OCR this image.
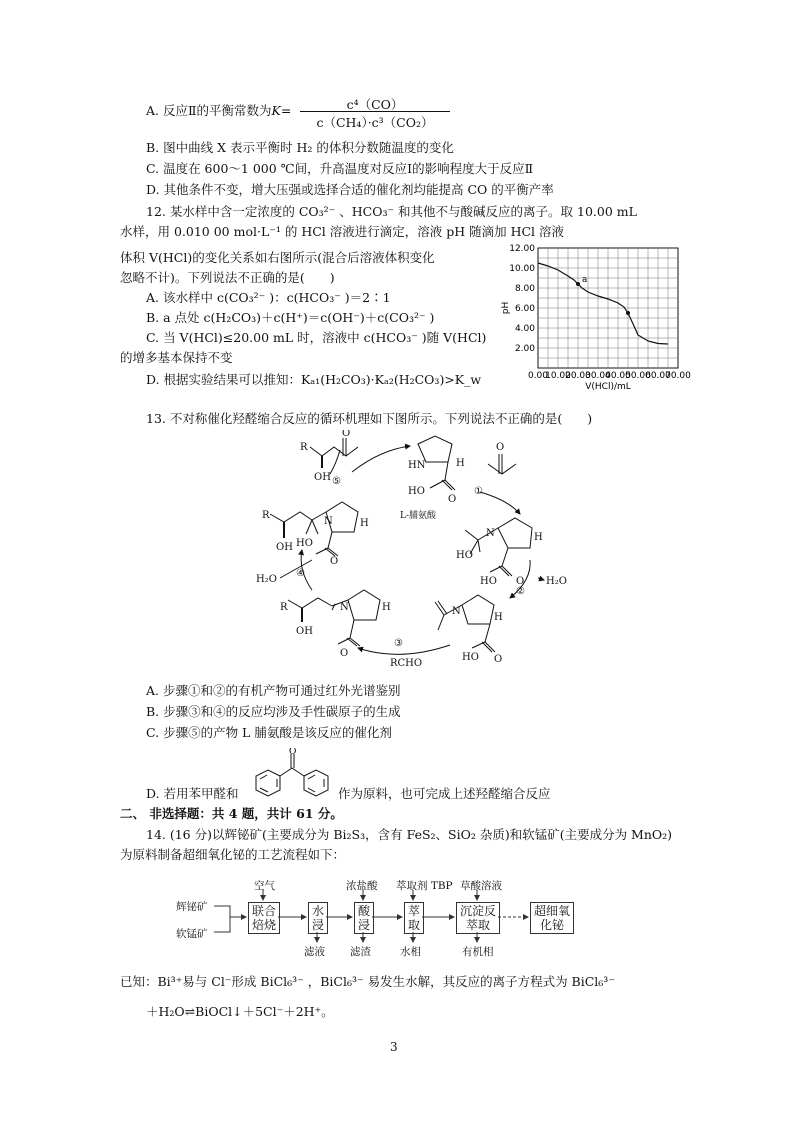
A. 反应Ⅱ的平衡常数为K=	c⁴（CO）
c（CH₄）·c³（CO₂）
B. 图中曲线 X 表示平衡时 H₂ 的体积分数随温度的变化
C. 温度在 600～1 000 ℃间，升高温度对反应Ⅰ的影响程度大于反应Ⅱ
D. 其他条件不变，增大压强或选择合适的催化剂均能提高 CO 的平衡产率
12. 某水样中含一定浓度的 CO₃²⁻ 、HCO₃⁻ 和其他不与酸碱反应的离子。取 10.00 mL
水样，用 0.010 00 mol·L⁻¹ 的 HCl 溶液进行滴定，溶液 pH 随滴加 HCl 溶液
体积 V(HCl)的变化关系如右图所示(混合后溶液体积变化
忽略不计)。下列说法不正确的是(　　)
A. 该水样中 c(CO₃²⁻ )：c(HCO₃⁻ )＝2∶1
B. a 点处 c(H₂CO₃)＋c(H⁺)＝c(OH⁻)＋c(CO₃²⁻ )
C. 当 V(HCl)≤20.00 mL 时，溶液中 c(HCO₃⁻ )随 V(HCl)
的增多基本保持不变
D. 根据实验结果可以推知：Kₐ₁(H₂CO₃)·Kₐ₂(H₂CO₃)>K_w
12.00
10.00
8.00
6.00
4.00
2.00
0.00
10.00
20.00
30.00
40.00
50.00
60.00
70.00
pH
V(HCl)/mL
a
13. 不对称催化羟醛缩合反应的循环机理如下图所示。下列说法不正确的是(　　)
R
OH
O
HN	H
HO
O
O
L-脯氨酸
①
N	H
HO
HO O
②
H₂O
N
H
HO O
③
RCHO
N	H
R
OH
O
N	H
R
OH HO
O
④
H₂O
⑤
A. 步骤①和②的有机产物可通过红外光谱鉴别
B. 步骤③和④的反应均涉及手性碳原子的生成
C. 步骤⑤的产物 L 脯氨酸是该反应的催化剂
D. 若用苯甲醛和
O
作为原料，也可完成上述羟醛缩合反应
二、 非选择题：共 4 题，共计 61 分。
14. (16 分)以辉铋矿(主要成分为 Bi₂S₃，含有 FeS₂、SiO₂ 杂质)和软锰矿(主要成分为 MnO₂)
为原料制备超细氧化铋的工艺流程如下：
辉铋矿
软锰矿
空气	浓盐酸 萃取剂 TBP 草酸溶液
联合焙烧
水浸
酸浸
萃取
沉淀反萃取
超细氧化铋
滤液 滤渣	水相	有机相
已知：Bi³⁺易与 Cl⁻形成 BiCl₆³⁻ ，BiCl₆³⁻ 易发生水解，其反应的离子方程式为 BiCl₆³⁻
＋H₂O⇌BiOCl↓＋5Cl⁻＋2H⁺。
3
